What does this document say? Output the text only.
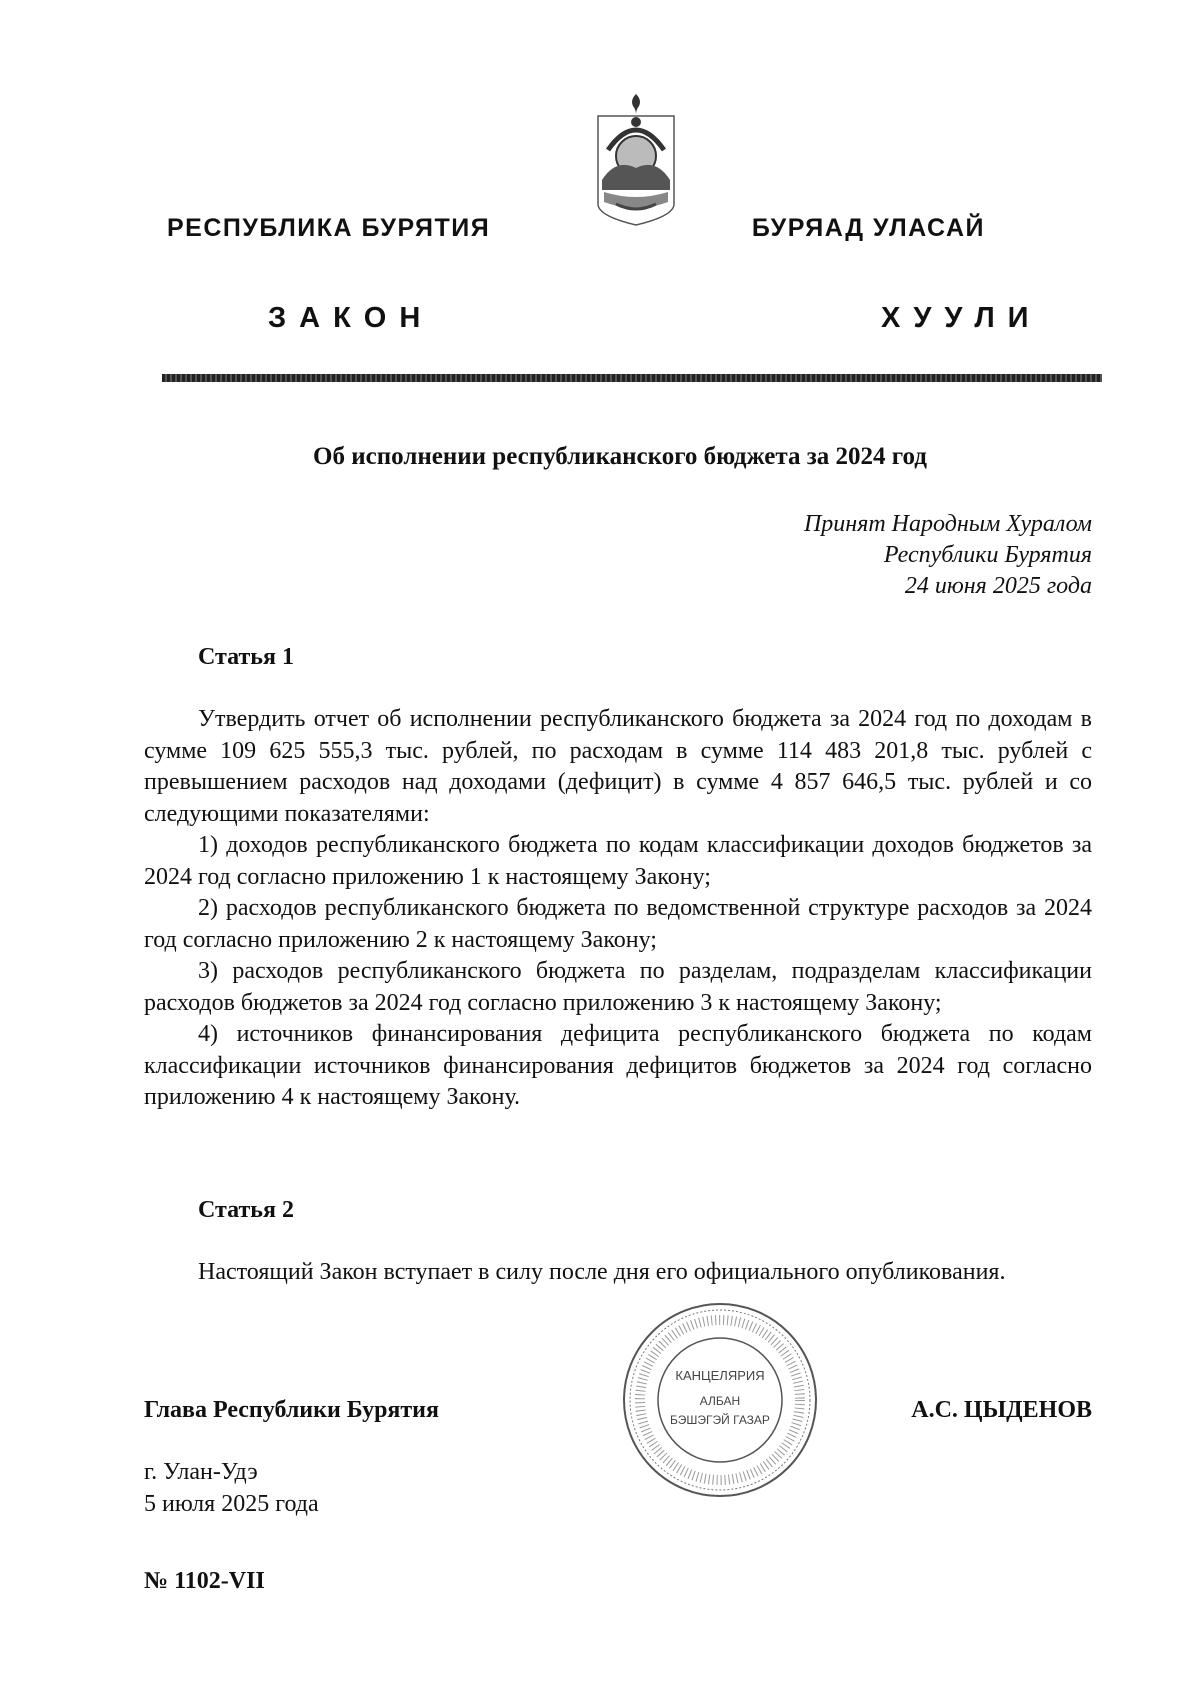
РЕСПУБЛИКА БУРЯТИЯ	БУРЯАД УЛАСАЙ
ЗАКОН	ХУУЛИ
Об исполнении республиканского бюджета за 2024 год
Принят Народным Хуралом
Республики Бурятия
24 июня 2025 года
Статья 1

Утвердить отчет об исполнении республиканского бюджета за 2024 год по доходам в сумме 109 625 555,3 тыс. рублей, по расходам в сумме 114 483 201,8 тыс. рублей с превышением расходов над доходами (дефицит) в сумме 4 857 646,5 тыс. рублей и со следующими показателями:

1) доходов республиканского бюджета по кодам классификации доходов бюджетов за 2024 год согласно приложению 1 к настоящему Закону;

2) расходов республиканского бюджета по ведомственной структуре расходов за 2024 год согласно приложению 2 к настоящему Закону;

3) расходов республиканского бюджета по разделам, подразделам классификации расходов бюджетов за 2024 год согласно приложению 3 к настоящему Закону;

4) источников финансирования дефицита республиканского бюджета по кодам классификации источников финансирования дефицитов бюджетов за 2024 год согласно приложению 4 к настоящему Закону.

Статья 2

Настоящий Закон вступает в силу после дня его официального опубликования.

КАНЦЕЛЯРИЯ
АЛБАН
БЭШЭГЭЙ ГАЗАР
Глава Республики Бурятия	А.С. ЦЫДЕНОВ
г. Улан-Удэ
5 июля 2025 года
№ 1102-VII
